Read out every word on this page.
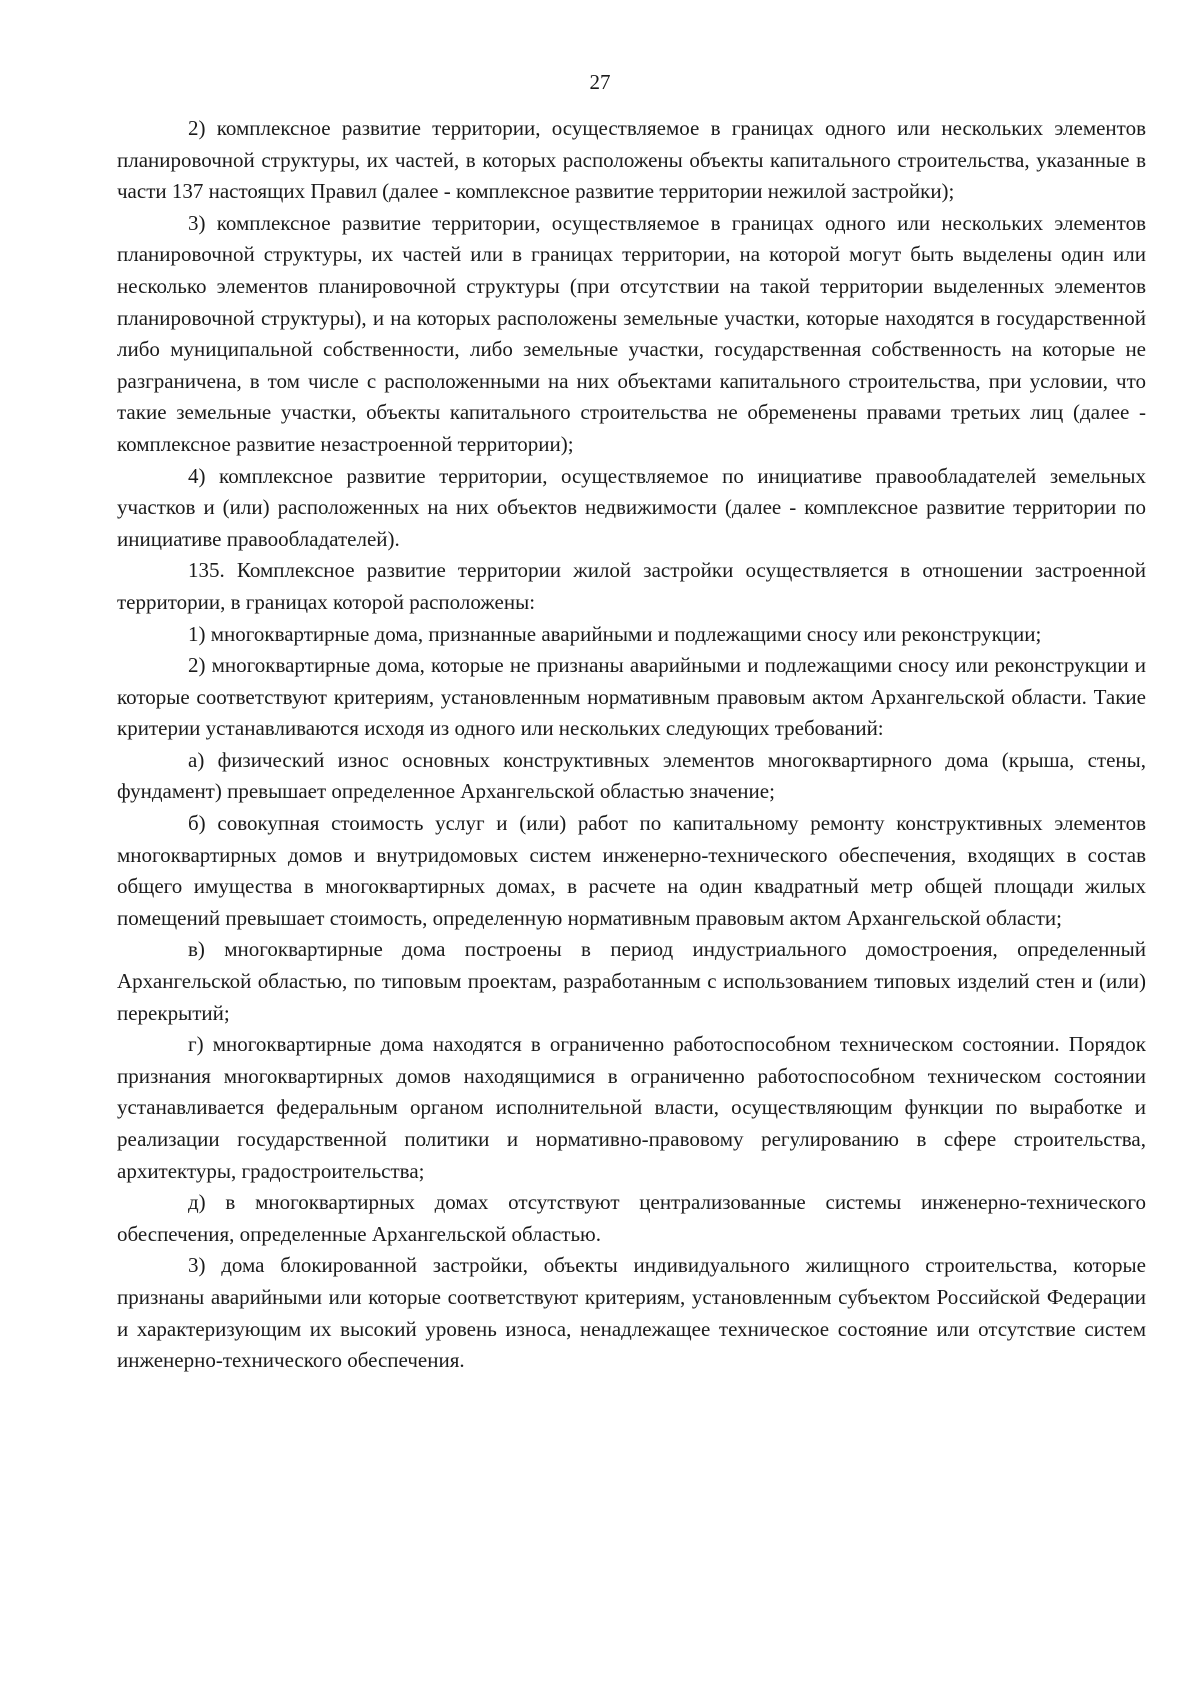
27

2) комплексное развитие территории, осуществляемое в границах одного или нескольких элементов планировочной структуры, их частей, в которых расположены объекты капитального строительства, указанные в части 137 настоящих Правил (далее - комплексное развитие территории нежилой застройки);

3) комплексное развитие территории, осуществляемое в границах одного или нескольких элементов планировочной структуры, их частей или в границах территории, на которой могут быть выделены один или несколько элементов планировочной структуры (при отсутствии на такой территории выделенных элементов планировочной структуры), и на которых расположены земельные участки, которые находятся в государственной либо муниципальной собственности, либо земельные участки, государственная собственность на которые не разграничена, в том числе с расположенными на них объектами капитального строительства, при условии, что такие земельные участки, объекты капитального строительства не обременены правами третьих лиц (далее - комплексное развитие незастроенной территории);

4) комплексное развитие территории, осуществляемое по инициативе правообладателей земельных участков и (или) расположенных на них объектов недвижимости (далее - комплексное развитие территории по инициативе правообладателей).

135. Комплексное развитие территории жилой застройки осуществляется в отношении застроенной территории, в границах которой расположены:

1) многоквартирные дома, признанные аварийными и подлежащими сносу или реконструкции;

2) многоквартирные дома, которые не признаны аварийными и подлежащими сносу или реконструкции и которые соответствуют критериям, установленным нормативным правовым актом Архангельской области. Такие критерии устанавливаются исходя из одного или нескольких следующих требований:

а) физический износ основных конструктивных элементов многоквартирного дома (крыша, стены, фундамент) превышает определенное Архангельской областью значение;

б) совокупная стоимость услуг и (или) работ по капитальному ремонту конструктивных элементов многоквартирных домов и внутридомовых систем инженерно-технического обеспечения, входящих в состав общего имущества в многоквартирных домах, в расчете на один квадратный метр общей площади жилых помещений превышает стоимость, определенную нормативным правовым актом Архангельской области;

в) многоквартирные дома построены в период индустриального домостроения, определенный Архангельской областью, по типовым проектам, разработанным с использованием типовых изделий стен и (или) перекрытий;

г) многоквартирные дома находятся в ограниченно работоспособном техническом состоянии. Порядок признания многоквартирных домов находящимися в ограниченно работоспособном техническом состоянии устанавливается федеральным органом исполнительной власти, осуществляющим функции по выработке и реализации государственной политики и нормативно-правовому регулированию в сфере строительства, архитектуры, градостроительства;

д) в многоквартирных домах отсутствуют централизованные системы инженерно-технического обеспечения, определенные Архангельской областью.

3) дома блокированной застройки, объекты индивидуального жилищного строительства, которые признаны аварийными или которые соответствуют критериям, установленным субъектом Российской Федерации и характеризующим их высокий уровень износа, ненадлежащее техническое состояние или отсутствие систем инженерно-технического обеспечения.
